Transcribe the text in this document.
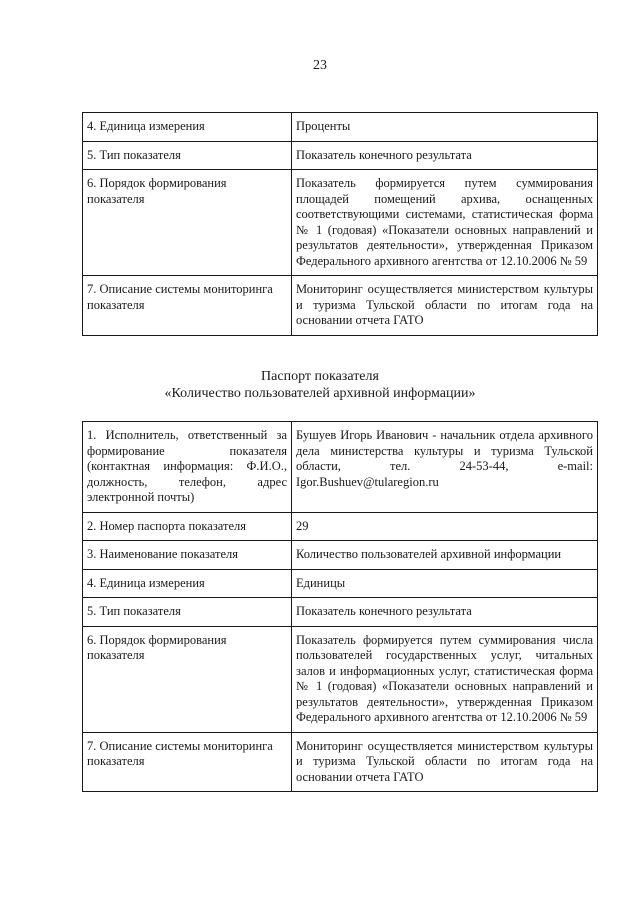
23
4. Единица измерения	Проценты
5. Тип показателя	Показатель конечного результата
6. Порядок формирования показателя	Показатель формируется путем суммирования площадей помещений архива, оснащенных соответствующими системами, статистическая форма № 1 (годовая) «Показатели основных направлений и результатов деятельности», утвержденная Приказом Федерального архивного агентства от 12.10.2006 № 59
7. Описание системы мониторинга показателя	Мониторинг осуществляется министерством культуры и туризма Тульской области по итогам года на основании отчета ГАТО
Паспорт показателя
«Количество пользователей архивной информации»
1. Исполнитель, ответственный за формирование показателя (контактная информация: Ф.И.О., должность, телефон, адрес электронной почты)	Бушуев Игорь Иванович - начальник отдела архивного дела министерства культуры и туризма Тульской области, тел. 24-53-44, e-mail: Igor.Bushuev@tularegion.ru
2. Номер паспорта показателя	29
3. Наименование показателя	Количество пользователей архивной информации
4. Единица измерения	Единицы
5. Тип показателя	Показатель конечного результата
6. Порядок формирования показателя	Показатель формируется путем суммирования числа пользователей государственных услуг, читальных залов и информационных услуг, статистическая форма № 1 (годовая) «Показатели основных направлений и результатов деятельности», утвержденная Приказом Федерального архивного агентства от 12.10.2006 № 59
7. Описание системы мониторинга показателя	Мониторинг осуществляется министерством культуры и туризма Тульской области по итогам года на основании отчета ГАТО
